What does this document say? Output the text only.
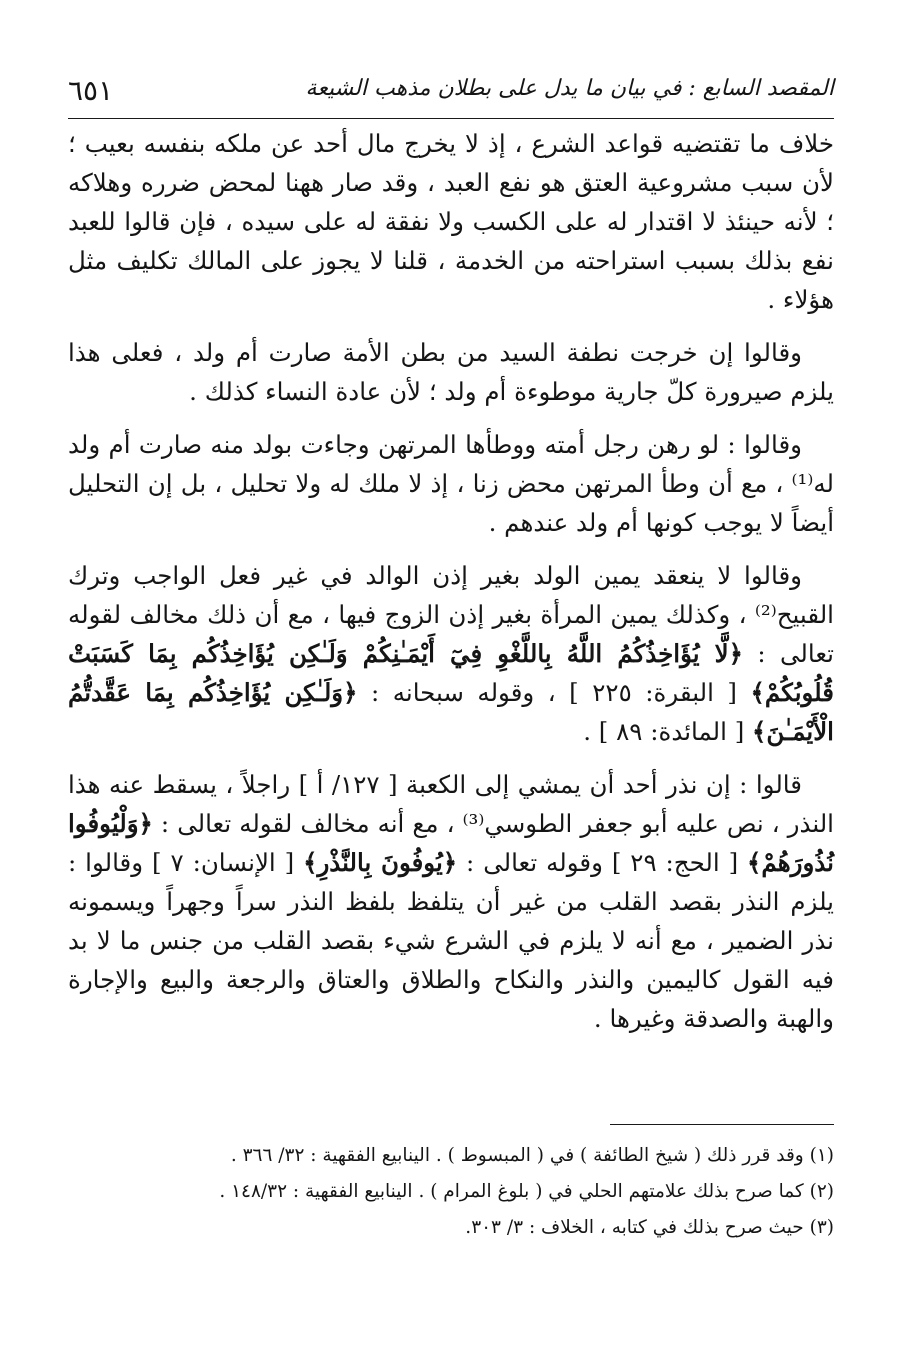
المقصد السابع : في بيان ما يدل على بطلان مذهب الشيعة
٦٥١

خلاف ما تقتضيه قواعد الشرع ، إذ لا يخرج مال أحد عن ملكه بنفسه بعيب ؛ لأن سبب مشروعية العتق هو نفع العبد ، وقد صار ههنا لمحض ضرره وهلاكه ؛ لأنه حينئذ لا اقتدار له على الكسب ولا نفقة له على سيده ، فإن قالوا للعبد نفع بذلك بسبب استراحته من الخدمة ، قلنا لا يجوز على المالك تكليف مثل هؤلاء .

وقالوا إن خرجت نطفة السيد من بطن الأمة صارت أم ولد ، فعلى هذا يلزم صيرورة كلّ جارية موطوءة أم ولد ؛ لأن عادة النساء كذلك .

وقالوا : لو رهن رجل أمته ووطأها المرتهن وجاءت بولد منه صارت أم ولد له⁽¹⁾ ، مع أن وطأ المرتهن محض زنا ، إذ لا ملك له ولا تحليل ، بل إن التحليل أيضاً لا يوجب كونها أم ولد عندهم .

وقالوا لا ينعقد يمين الولد بغير إذن الوالد في غير فعل الواجب وترك القبيح⁽²⁾ ، وكذلك يمين المرأة بغير إذن الزوج فيها ، مع أن ذلك مخالف لقوله تعالى : ﴿لَّا يُؤَاخِذُكُمُ اللَّهُ بِاللَّغْوِ فِيٓ أَيْمَـٰنِكُمْ وَلَـٰكِن يُؤَاخِذُكُم بِمَا كَسَبَتْ قُلُوبُكُمْ﴾ [ البقرة: ٢٢٥ ] ، وقوله سبحانه : ﴿وَلَـٰكِن يُؤَاخِذُكُم بِمَا عَقَّدتُّمُ الْأَيْمَـٰنَ﴾ [ المائدة: ٨٩ ] .

قالوا : إن نذر أحد أن يمشي إلى الكعبة [ ١٢٧/ أ ] راجلاً ، يسقط عنه هذا النذر ، نص عليه أبو جعفر الطوسي⁽³⁾ ، مع أنه مخالف لقوله تعالى : ﴿وَلْيُوفُوا نُذُورَهُمْ﴾ [ الحج: ٢٩ ] وقوله تعالى : ﴿يُوفُونَ بِالنَّذْرِ﴾ [ الإنسان: ٧ ] وقالوا : يلزم النذر بقصد القلب من غير أن يتلفظ بلفظ النذر سراً وجهراً ويسمونه نذر الضمير ، مع أنه لا يلزم في الشرع شيء بقصد القلب من جنس ما لا بد فيه القول كاليمين والنذر والنكاح والطلاق والعتاق والرجعة والبيع والإجارة والهبة والصدقة وغيرها .

(١) وقد قرر ذلك ( شيخ الطائفة ) في ( المبسوط ) . الينابيع الفقهية : ٣٢/ ٣٦٦ .

(٢) كما صرح بذلك علامتهم الحلي في ( بلوغ المرام ) . الينابيع الفقهية : ١٤٨/٣٢ .

(٣) حيث صرح بذلك في كتابه ، الخلاف : ٣/ ٣٠٣.
